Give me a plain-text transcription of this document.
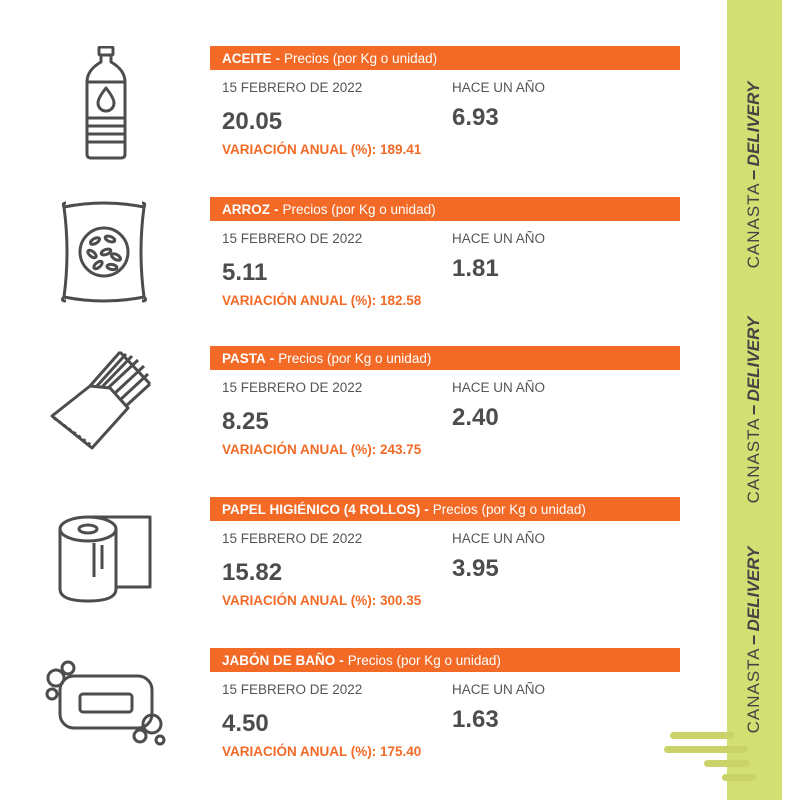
CANASTA
DELIVERY
CANASTA
DELIVERY
CANASTA
DELIVERY
ACEITE - Precios (por Kg o unidad)
15 FEBRERO DE 2022	HACE UN AÑO
20.05	6.93
VARIACIÓN ANUAL (%): 189.41
ARROZ - Precios (por Kg o unidad)
15 FEBRERO DE 2022	HACE UN AÑO
5.11	1.81
VARIACIÓN ANUAL (%): 182.58
PASTA - Precios (por Kg o unidad)
15 FEBRERO DE 2022	HACE UN AÑO
8.25	2.40
VARIACIÓN ANUAL (%): 243.75
PAPEL HIGIÉNICO (4 ROLLOS) - Precios (por Kg o unidad)
15 FEBRERO DE 2022	HACE UN AÑO
15.82	3.95
VARIACIÓN ANUAL (%): 300.35
JABÓN DE BAÑO - Precios (por Kg o unidad)
15 FEBRERO DE 2022	HACE UN AÑO
4.50	1.63
VARIACIÓN ANUAL (%): 175.40
